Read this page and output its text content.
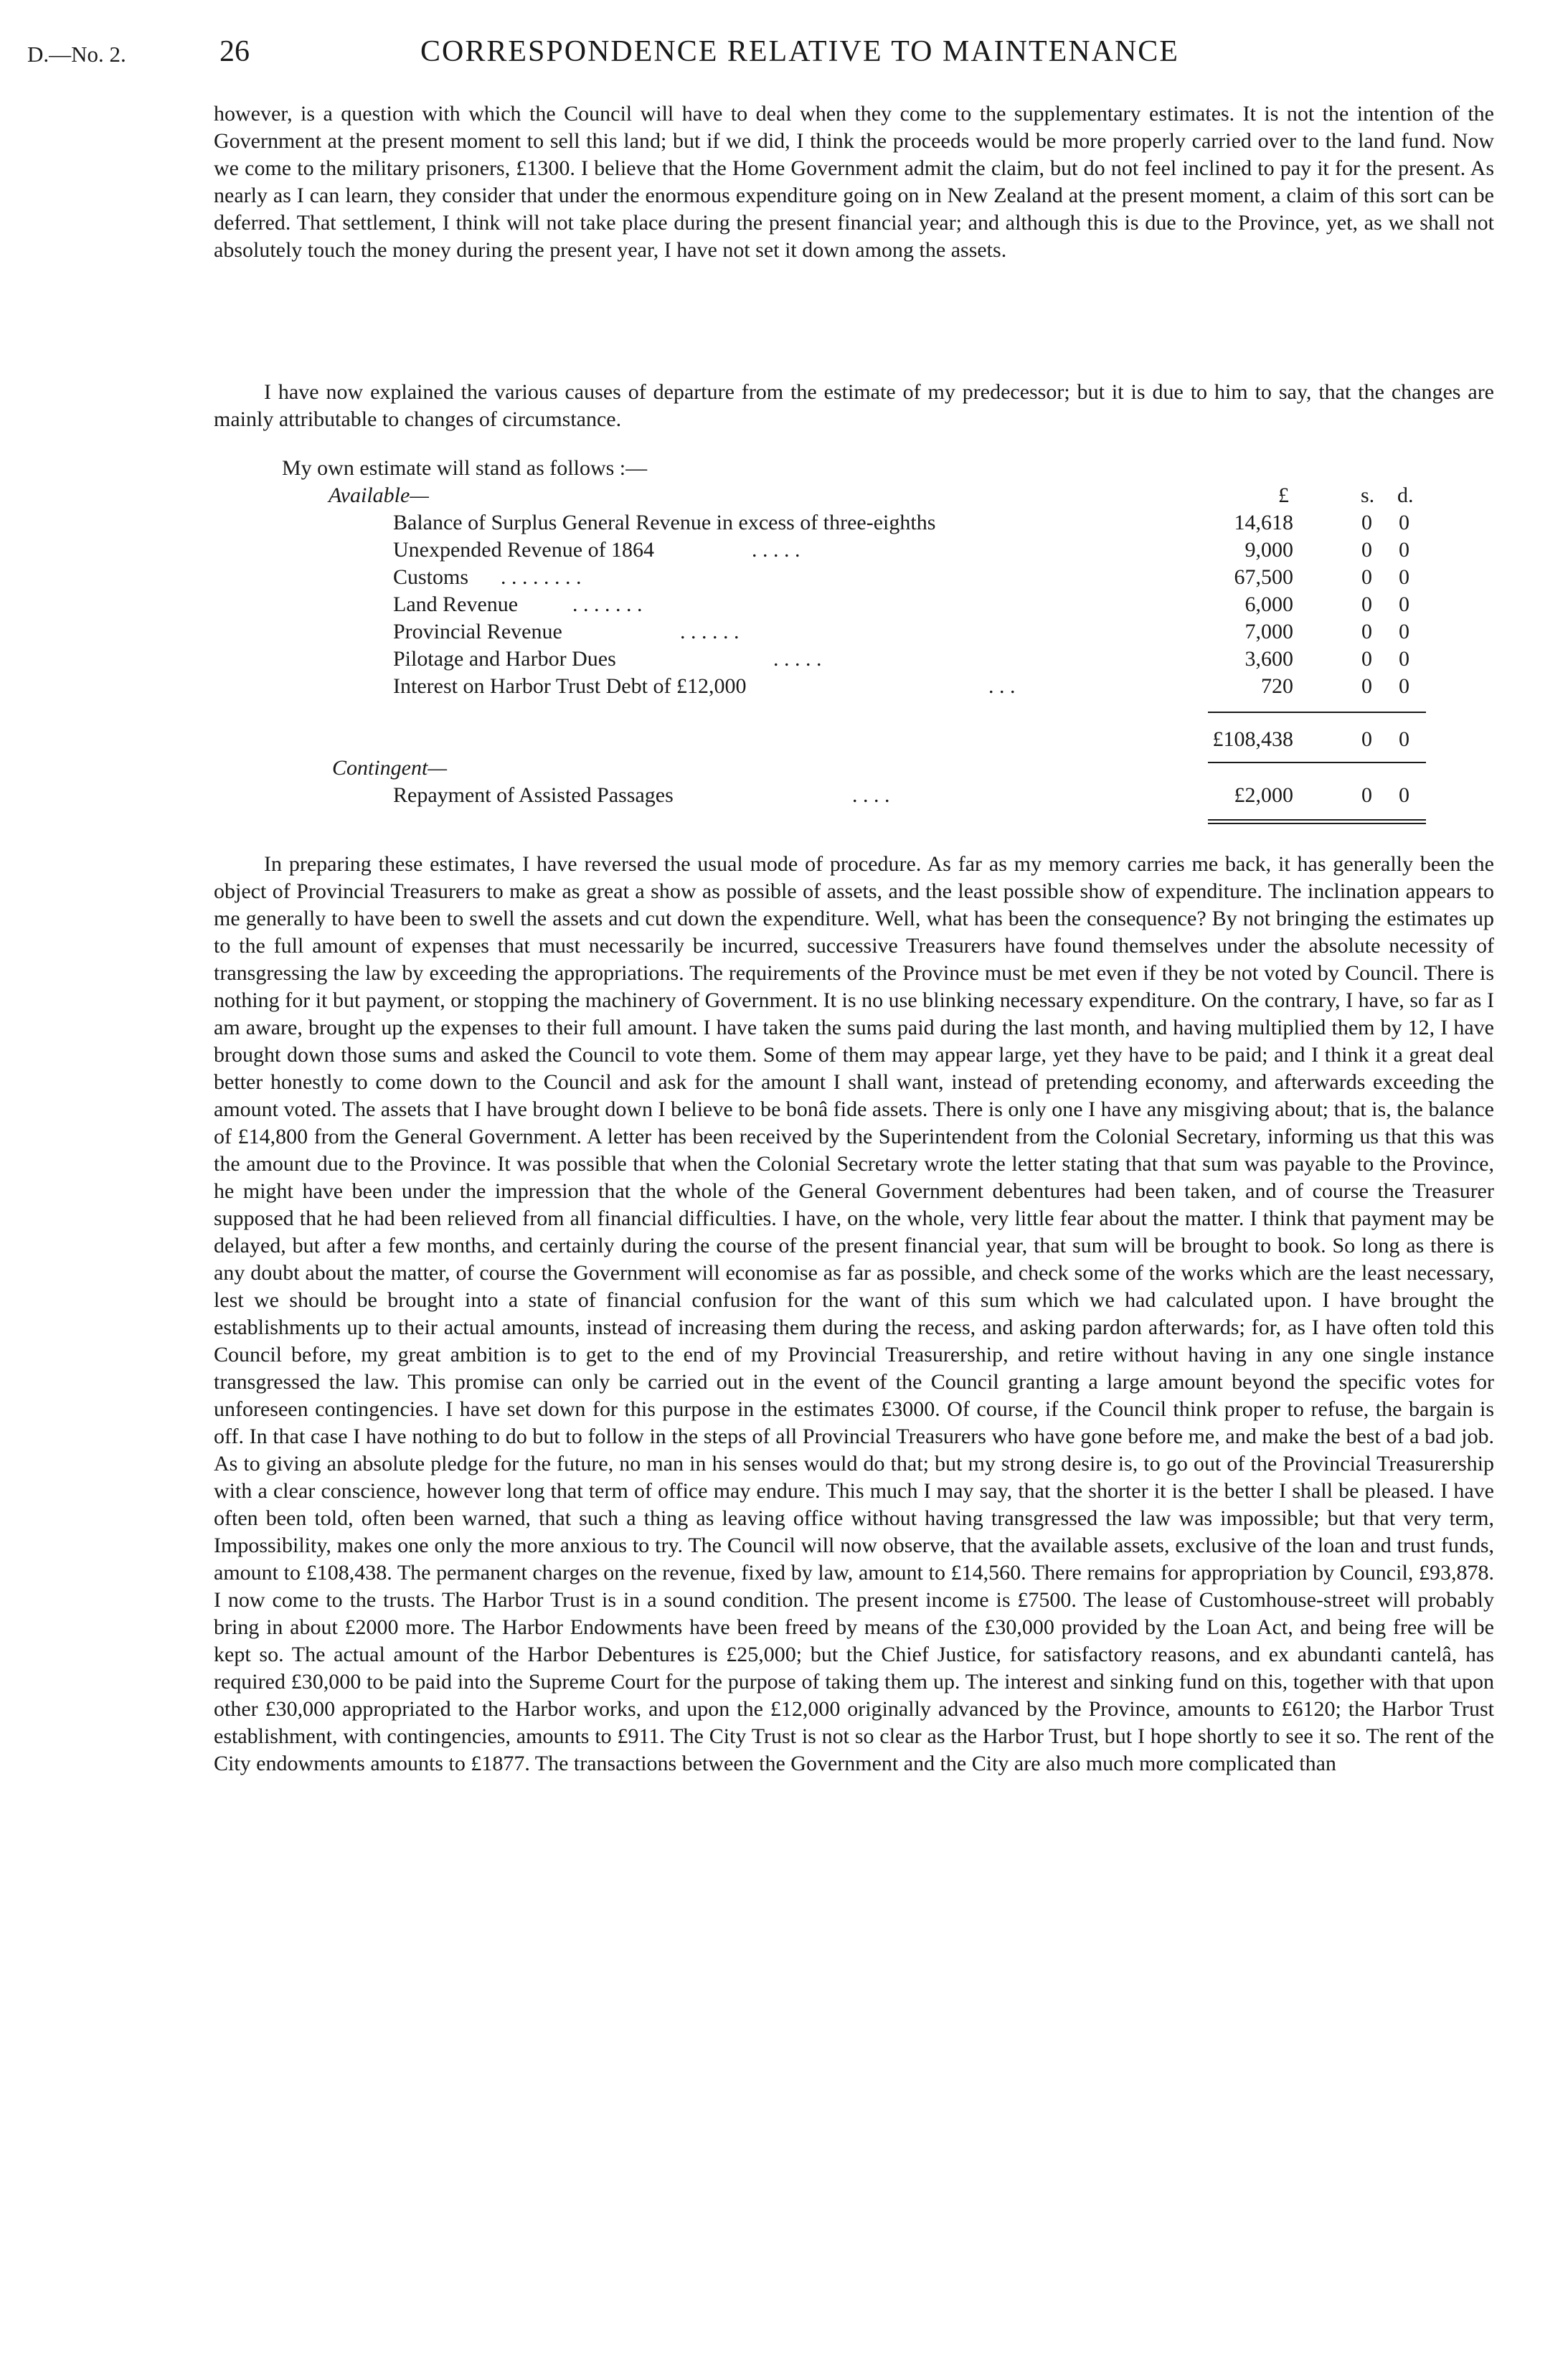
D.—No. 2.	26	CORRESPONDENCE RELATIVE TO MAINTENANCE

however, is a question with which the Council will have to deal when they come to the supplementary estimates. It is not the intention of the Government at the present moment to sell this land; but if we did, I think the proceeds would be more properly carried over to the land fund. Now we come to the military prisoners, £1300. I believe that the Home Government admit the claim, but do not feel inclined to pay it for the present. As nearly as I can learn, they consider that under the enormous expenditure going on in New Zealand at the present moment, a claim of this sort can be deferred. That settlement, I think will not take place during the present financial year; and although this is due to the Province, yet, as we shall not absolutely touch the money during the present year, I have not set it down among the assets.

I have now explained the various causes of departure from the estimate of my predecessor; but it is due to him to say, that the changes are mainly attributable to changes of circumstance.

My own estimate will stand as follows :—
Available—	£	s. d.
Balance of Surplus General Revenue in excess of three-eighths	14,618	0 0
Unexpended Revenue of 1864	. . . . .	9,000	0 0
Customs . . . . . . . .	67,500	0 0
Land Revenue	. . . . . . .	6,000	0 0
Provincial Revenue	. . . . . .	7,000	0 0
Pilotage and Harbor Dues	. . . . .	3,600	0 0
Interest on Harbor Trust Debt of £12,000	. . .	720	0 0
£108,438	0 0
Contingent—
Repayment of Assisted Passages	. . . .	£2,000	0 0

In preparing these estimates, I have reversed the usual mode of procedure. As far as my memory carries me back, it has generally been the object of Provincial Treasurers to make as great a show as possible of assets, and the least possible show of expenditure. The inclination appears to me generally to have been to swell the assets and cut down the expenditure. Well, what has been the consequence? By not bringing the estimates up to the full amount of expenses that must necessarily be incurred, successive Treasurers have found themselves under the absolute necessity of transgressing the law by exceeding the appropriations. The requirements of the Province must be met even if they be not voted by Council. There is nothing for it but payment, or stopping the machinery of Government. It is no use blinking necessary expenditure. On the contrary, I have, so far as I am aware, brought up the expenses to their full amount. I have taken the sums paid during the last month, and having multiplied them by 12, I have brought down those sums and asked the Council to vote them. Some of them may appear large, yet they have to be paid; and I think it a great deal better honestly to come down to the Council and ask for the amount I shall want, instead of pretending economy, and afterwards exceeding the amount voted. The assets that I have brought down I believe to be bonâ fide assets. There is only one I have any misgiving about; that is, the balance of £14,800 from the General Government. A letter has been received by the Superintendent from the Colonial Secretary, informing us that this was the amount due to the Province. It was possible that when the Colonial Secretary wrote the letter stating that that sum was payable to the Province, he might have been under the impression that the whole of the General Government debentures had been taken, and of course the Treasurer supposed that he had been relieved from all financial difficulties. I have, on the whole, very little fear about the matter. I think that payment may be delayed, but after a few months, and certainly during the course of the present financial year, that sum will be brought to book. So long as there is any doubt about the matter, of course the Government will economise as far as possible, and check some of the works which are the least necessary, lest we should be brought into a state of financial confusion for the want of this sum which we had calculated upon. I have brought the establishments up to their actual amounts, instead of increasing them during the recess, and asking pardon afterwards; for, as I have often told this Council before, my great ambition is to get to the end of my Provincial Treasurership, and retire without having in any one single instance transgressed the law. This promise can only be carried out in the event of the Council granting a large amount beyond the specific votes for unforeseen contingencies. I have set down for this purpose in the estimates £3000. Of course, if the Council think proper to refuse, the bargain is off. In that case I have nothing to do but to follow in the steps of all Provincial Treasurers who have gone before me, and make the best of a bad job. As to giving an absolute pledge for the future, no man in his senses would do that; but my strong desire is, to go out of the Provincial Treasurership with a clear conscience, however long that term of office may endure. This much I may say, that the shorter it is the better I shall be pleased. I have often been told, often been warned, that such a thing as leaving office without having transgressed the law was impossible; but that very term, Impossibility, makes one only the more anxious to try. The Council will now observe, that the available assets, exclusive of the loan and trust funds, amount to £108,438. The permanent charges on the revenue, fixed by law, amount to £14,560. There remains for appropriation by Council, £93,878. I now come to the trusts. The Harbor Trust is in a sound condition. The present income is £7500. The lease of Customhouse-street will probably bring in about £2000 more. The Harbor Endowments have been freed by means of the £30,000 provided by the Loan Act, and being free will be kept so. The actual amount of the Harbor Debentures is £25,000; but the Chief Justice, for satisfactory reasons, and ex abundanti cantelâ, has required £30,000 to be paid into the Supreme Court for the purpose of taking them up. The interest and sinking fund on this, together with that upon other £30,000 appropriated to the Harbor works, and upon the £12,000 originally advanced by the Province, amounts to £6120; the Harbor Trust establishment, with contingencies, amounts to £911. The City Trust is not so clear as the Harbor Trust, but I hope shortly to see it so. The rent of the City endowments amounts to £1877. The transactions between the Government and the City are also much more complicated than
